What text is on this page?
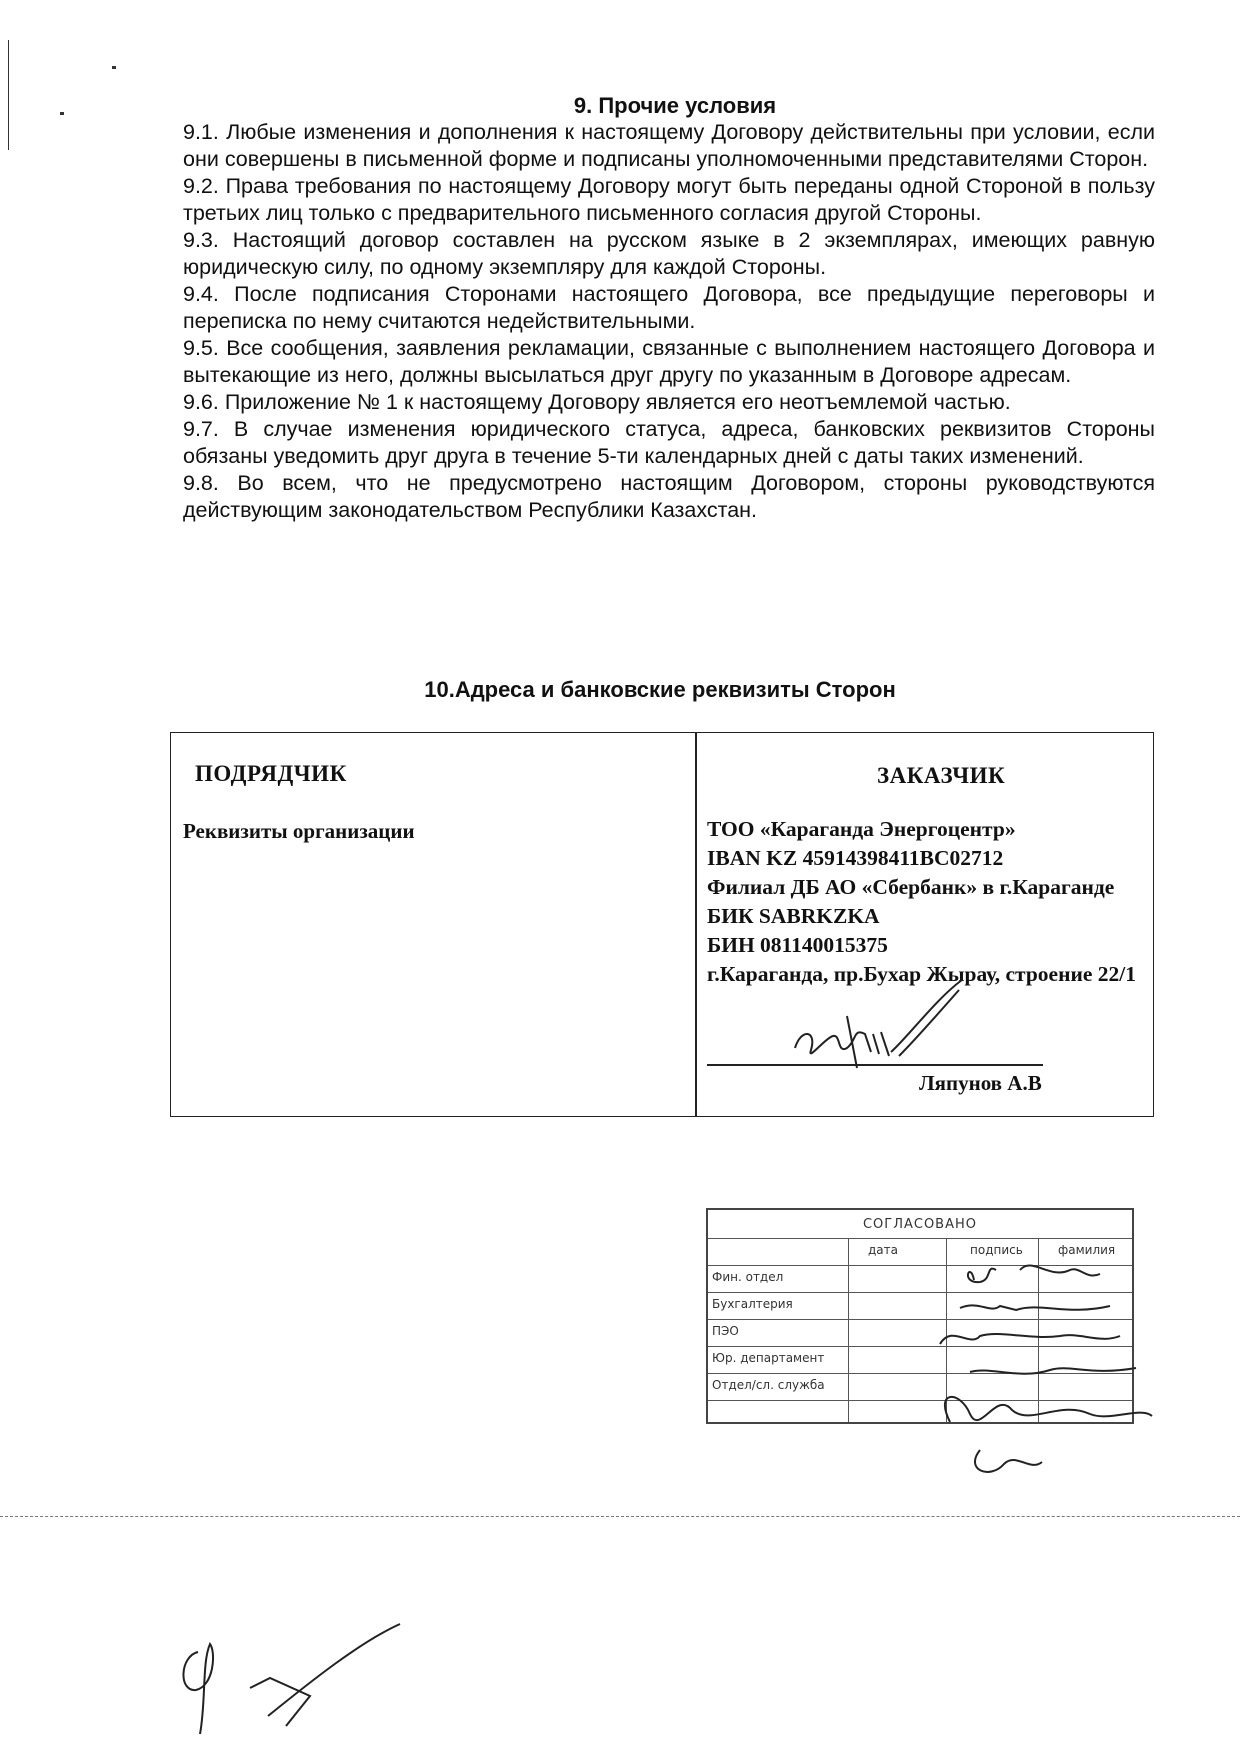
9. Прочие условия

9.1. Любые изменения и дополнения к настоящему Договору действительны при условии, если они совершены в письменной форме и подписаны уполномоченными представителями Сторон.

9.2. Права требования по настоящему Договору могут быть переданы одной Стороной в пользу третьих лиц только с предварительного письменного согласия другой Стороны.

9.3. Настоящий договор составлен на русском языке в 2 экземплярах, имеющих равную юридическую силу, по одному экземпляру для каждой Стороны.

9.4. После подписания Сторонами настоящего Договора, все предыдущие переговоры и переписка по нему считаются недействительными.

9.5. Все сообщения, заявления рекламации, связанные с выполнением настоящего Договора и вытекающие из него, должны высылаться друг другу по указанным в Договоре адресам.

9.6. Приложение № 1 к настоящему Договору является его неотъемлемой частью.

9.7. В случае изменения юридического статуса, адреса, банковских реквизитов Стороны обязаны уведомить друг друга в течение 5-ти календарных дней с даты таких изменений.

9.8. Во всем, что не предусмотрено настоящим Договором, стороны руководствуются действующим законодательством Республики Казахстан.

10.Адреса и банковские реквизиты Сторон
ПОДРЯДЧИК
Реквизиты организации
ЗАКАЗЧИК
ТОО «Караганда Энергоцентр»
IBAN KZ 45914398411BC02712
Филиал ДБ АО «Сбербанк» в г.Караганде
БИК SABRKZKA
БИН 081140015375
г.Караганда, пр.Бухар Жырау, строение 22/1
Ляпунов А.В
СОГЛАСОВАНО
дата	подпись	фамилия
Фин. отдел
Бухгалтерия
ПЭО
Юр. департамент
Отдел/сл. служба
